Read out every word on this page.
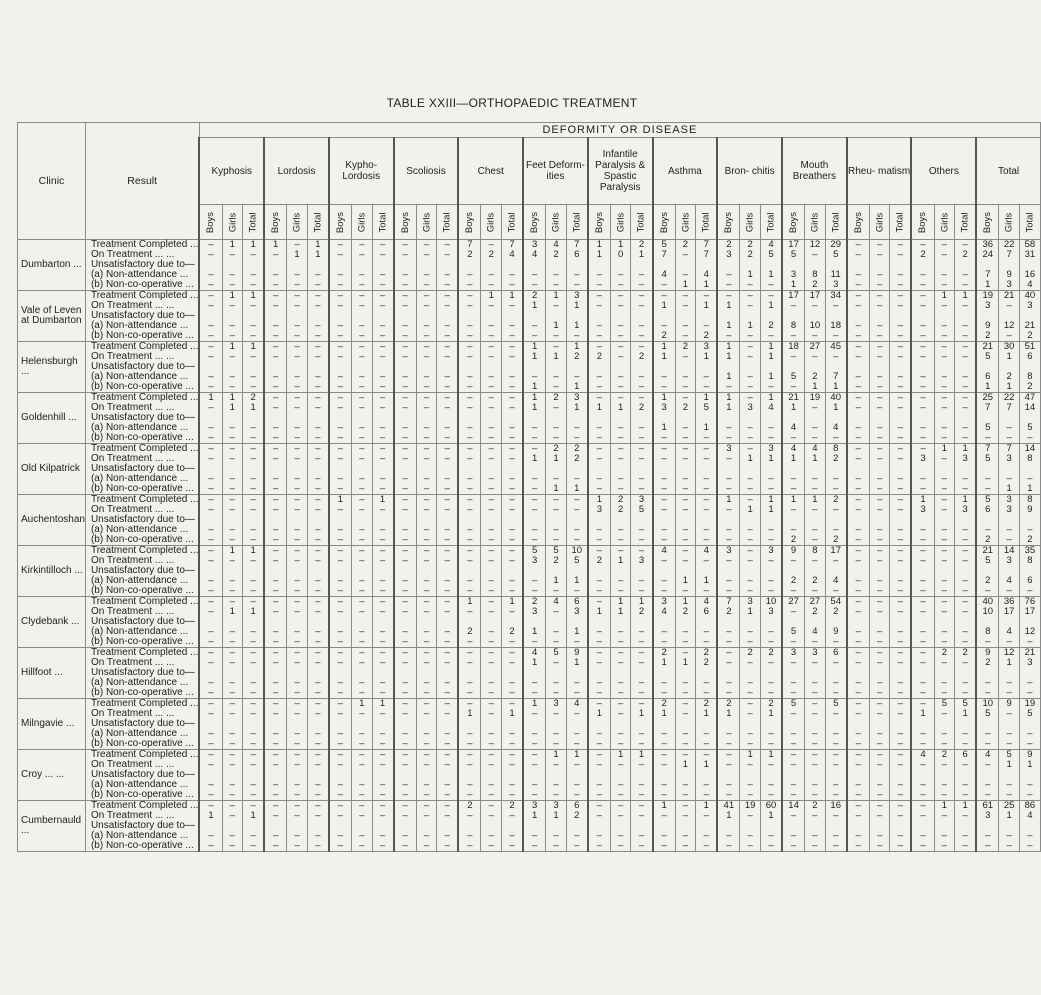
TABLE XXIII—ORTHOPAEDIC TREATMENT
Clinic	Result	DEFORMITY OR DISEASE																																						
		Kyphosis			Lordosis			Kypho- Lordosis			Scoliosis			Chest			Feet Deform- ities			Infantile Paralysis & Spastic Paralysis			Asthma			Bron- chitis			Mouth Breathers			Rheu- matism			Others			Total		
		Boys	Girls	Total	Boys	Girls	Total	Boys	Girls	Total	Boys	Girls	Total	Boys	Girls	Total	Boys	Girls	Total	Boys	Girls	Total	Boys	Girls	Total	Boys	Girls	Total	Boys	Girls	Total	Boys	Girls	Total	Boys	Girls	Total	Boys	Girls	Total
Dumbarton ...	Treatment Completed ...	–	1	1	1	–	1	–	–	–	–	–	–	7	–	7	3	4	7	1	1	2	5	2	7	2	2	4	17	12	29	–	–	–	–	–	–	36	22	58
	On Treatment ... ...	–	–	–	–	1	1	–	–	–	–	–	–	2	2	4	4	2	6	1	0	1	7	–	7	3	2	5	5	–	5	–	–	–	2	–	2	24	7	31
	Unsatisfactory due to—																																							
	(a) Non-attendance ...	–	–	–	–	–	–	–	–	–	–	–	–	–	–	–	–	–	–	–	–	–	4	–	4	–	1	1	3	8	11	–	–	–	–	–	–	7	9	16
	(b) Non-co-operative ...	–	–	–	–	–	–	–	–	–	–	–	–	–	–	–	–	–	–	–	–	–	–	1	1	–	–	–	1	2	3	–	–	–	–	–	–	1	3	4
Vale of Leven at Dumbarton	Treatment Completed ...	–	1	1	–	–	–	–	–	–	–	–	–	–	1	1	2	1	3	–	–	–	–	–	–	–	–	–	17	17	34	–	–	–	–	1	1	19	21	40
	On Treatment ... ...	–	–	–	–	–	–	–	–	–	–	–	–	–	–	–	1	–	1	–	–	–	1	–	1	1	–	1	–	–	–	–	–	–	–	–	–	3	–	3
	Unsatisfactory due to—																																							
	(a) Non-attendance ...	–	–	–	–	–	–	–	–	–	–	–	–	–	–	–	–	1	1	–	–	–	–	–	–	1	1	2	8	10	18	–	–	–	–	–	–	9	12	21
	(b) Non-co-operative ...	–	–	–	–	–	–	–	–	–	–	–	–	–	–	–	–	–	–	–	–	–	2	–	2	–	–	–	–	–	–	–	–	–	–	–	–	2	–	2
Helensburgh ...	Treatment Completed ...	–	1	1	–	–	–	–	–	–	–	–	–	–	–	–	1	–	1	–	–	–	1	2	3	1	–	1	18	27	45	–	–	–	–	–	–	21	30	51
	On Treatment ... ...	–	–	–	–	–	–	–	–	–	–	–	–	–	–	–	1	1	2	2	–	2	1	–	1	1	–	1	–	–	–	–	–	–	–	–	–	5	1	6
	Unsatisfactory due to—																																							
	(a) Non-attendance ...	–	–	–	–	–	–	–	–	–	–	–	–	–	–	–	–	–	–	–	–	–	–	–	–	1	–	1	5	2	7	–	–	–	–	–	–	6	2	8
	(b) Non-co-operative ...	–	–	–	–	–	–	–	–	–	–	–	–	–	–	–	1	–	1	–	–	–	–	–	–	–	–	–	–	1	1	–	–	–	–	–	–	1	1	2
Goldenhill ...	Treatment Completed ...	1	1	2	–	–	–	–	–	–	–	–	–	–	–	–	1	2	3	–	–	–	1	–	1	1	–	1	21	19	40	–	–	–	–	–	–	25	22	47
	On Treatment ... ...	–	1	1	–	–	–	–	–	–	–	–	–	–	–	–	1	–	1	1	1	2	3	2	5	1	3	4	1	–	1	–	–	–	–	–	–	7	7	14
	Unsatisfactory due to—																																							
	(a) Non-attendance ...	–	–	–	–	–	–	–	–	–	–	–	–	–	–	–	–	–	–	–	–	–	1	–	1	–	–	–	4	–	4	–	–	–	–	–	–	5	–	5
	(b) Non-co-operative ...	–	–	–	–	–	–	–	–	–	–	–	–	–	–	–	–	–	–	–	–	–	–	–	–	–	–	–	–	–	–	–	–	–	–	–	–	–	–	–
Old Kilpatrick	Treatment Completed ...	–	–	–	–	–	–	–	–	–	–	–	–	–	–	–	–	2	2	–	–	–	–	–	–	3	–	3	4	4	8	–	–	–	–	1	1	7	7	14
	On Treatment ... ...	–	–	–	–	–	–	–	–	–	–	–	–	–	–	–	1	1	2	–	–	–	–	–	–	–	1	1	1	1	2	–	–	–	3	–	3	5	3	8
	Unsatisfactory due to—																																							
	(a) Non-attendance ...	–	–	–	–	–	–	–	–	–	–	–	–	–	–	–	–	–	–	–	–	–	–	–	–	–	–	–	–	–	–	–	–	–	–	–	–	–	–	–
	(b) Non-co-operative ...	–	–	–	–	–	–	–	–	–	–	–	–	–	–	–	–	1	1	–	–	–	–	–	–	–	–	–	–	–	–	–	–	–	–	–	–	–	1	1
Auchentoshan	Treatment Completed ...	–	–	–	–	–	–	1	–	1	–	–	–	–	–	–	–	–	–	1	2	3	–	–	–	1	–	1	1	1	2	–	–	–	1	–	1	5	3	8
	On Treatment ... ...	–	–	–	–	–	–	–	–	–	–	–	–	–	–	–	–	–	–	3	2	5	–	–	–	–	1	1	–	–	–	–	–	–	3	–	3	6	3	9
	Unsatisfactory due to—																																							
	(a) Non-attendance ...	–	–	–	–	–	–	–	–	–	–	–	–	–	–	–	–	–	–	–	–	–	–	–	–	–	–	–	–	–	–	–	–	–	–	–	–	–	–	–
	(b) Non-co-operative ...	–	–	–	–	–	–	–	–	–	–	–	–	–	–	–	–	–	–	–	–	–	–	–	–	–	–	–	2	–	2	–	–	–	–	–	–	2	–	2
Kirkintilloch ...	Treatment Completed ...	–	1	1	–	–	–	–	–	–	–	–	–	–	–	–	5	5	10	–	–	–	4	–	4	3	–	3	9	8	17	–	–	–	–	–	–	21	14	35
	On Treatment ... ...	–	–	–	–	–	–	–	–	–	–	–	–	–	–	–	3	2	5	2	1	3	–	–	–	–	–	–	–	–	–	–	–	–	–	–	–	5	3	8
	Unsatisfactory due to—																																							
	(a) Non-attendance ...	–	–	–	–	–	–	–	–	–	–	–	–	–	–	–	–	1	1	–	–	–	–	1	1	–	–	–	2	2	4	–	–	–	–	–	–	2	4	6
	(b) Non-co-operative ...	–	–	–	–	–	–	–	–	–	–	–	–	–	–	–	–	–	–	–	–	–	–	–	–	–	–	–	–	–	–	–	–	–	–	–	–	–	–	–
Clydebank ...	Treatment Completed ...	–	–	–	–	–	–	–	–	–	–	–	–	1	–	1	2	4	6	–	1	1	3	1	4	7	3	10	27	27	54	–	–	–	–	–	–	40	36	76
	On Treatment ... ...	–	1	1	–	–	–	–	–	–	–	–	–	–	–	–	3	–	3	1	1	2	4	2	6	2	1	3	–	2	2	–	–	–	–	–	–	10	17	17
	Unsatisfactory due to—																																							
	(a) Non-attendance ...	–	–	–	–	–	–	–	–	–	–	–	–	2	–	2	1	–	1	–	–	–	–	–	–	–	–	–	5	4	9	–	–	–	–	–	–	8	4	12
	(b) Non-co-operative ...	–	–	–	–	–	–	–	–	–	–	–	–	–	–	–	–	–	–	–	–	–	–	–	–	–	–	–	–	–	–	–	–	–	–	–	–	–	–	–
Hillfoot ...	Treatment Completed ...	–	–	–	–	–	–	–	–	–	–	–	–	–	–	–	4	5	9	–	–	–	2	–	2	–	2	2	3	3	6	–	–	–	–	2	2	9	12	21
	On Treatment ... ...	–	–	–	–	–	–	–	–	–	–	–	–	–	–	–	1	–	1	–	–	–	1	1	2	–	–	–	–	–	–	–	–	–	–	–	–	2	1	3
	Unsatisfactory due to—																																							
	(a) Non-attendance ...	–	–	–	–	–	–	–	–	–	–	–	–	–	–	–	–	–	–	–	–	–	–	–	–	–	–	–	–	–	–	–	–	–	–	–	–	–	–	–
	(b) Non-co-operative ...	–	–	–	–	–	–	–	–	–	–	–	–	–	–	–	–	–	–	–	–	–	–	–	–	–	–	–	–	–	–	–	–	–	–	–	–	–	–	–
Milngavie ...	Treatment Completed ...	–	–	–	–	–	–	–	1	1	–	–	–	–	–	–	1	3	4	–	–	–	2	–	2	2	–	2	5	–	5	–	–	–	–	5	5	10	9	19
	On Treatment ... ...	–	–	–	–	–	–	–	–	–	–	–	–	1	–	1	–	–	–	1	–	1	1	–	1	1	–	1	–	–	–	–	–	–	1	–	1	5	–	5
	Unsatisfactory due to—																																							
	(a) Non-attendance ...	–	–	–	–	–	–	–	–	–	–	–	–	–	–	–	–	–	–	–	–	–	–	–	–	–	–	–	–	–	–	–	–	–	–	–	–	–	–	–
	(b) Non-co-operative ...	–	–	–	–	–	–	–	–	–	–	–	–	–	–	–	–	–	–	–	–	–	–	–	–	–	–	–	–	–	–	–	–	–	–	–	–	–	–	–
Croy ... ...	Treatment Completed ...	–	–	–	–	–	–	–	–	–	–	–	–	–	–	–	–	1	1	–	1	1	–	–	–	–	1	1	–	–	–	–	–	–	4	2	6	4	5	9
	On Treatment ... ...	–	–	–	–	–	–	–	–	–	–	–	–	–	–	–	–	–	–	–	–	–	–	1	1	–	–	–	–	–	–	–	–	–	–	–	–	–	1	1
	Unsatisfactory due to—																																							
	(a) Non-attendance ...	–	–	–	–	–	–	–	–	–	–	–	–	–	–	–	–	–	–	–	–	–	–	–	–	–	–	–	–	–	–	–	–	–	–	–	–	–	–	–
	(b) Non-co-operative ...	–	–	–	–	–	–	–	–	–	–	–	–	–	–	–	–	–	–	–	–	–	–	–	–	–	–	–	–	–	–	–	–	–	–	–	–	–	–	–
Cumbernauld ...	Treatment Completed ...	–	–	–	–	–	–	–	–	–	–	–	–	2	–	2	3	3	6	–	–	–	1	–	1	41	19	60	14	2	16	–	–	–	–	1	1	61	25	86
	On Treatment ... ...	1	–	1	–	–	–	–	–	–	–	–	–	–	–	–	1	1	2	–	–	–	–	–	–	1	–	1	–	–	–	–	–	–	–	–	–	3	1	4
	Unsatisfactory due to—																																							
	(a) Non-attendance ...	–	–	–	–	–	–	–	–	–	–	–	–	–	–	–	–	–	–	–	–	–	–	–	–	–	–	–	–	–	–	–	–	–	–	–	–	–	–	–
	(b) Non-co-operative ...	–	–	–	–	–	–	–	–	–	–	–	–	–	–	–	–	–	–	–	–	–	–	–	–	–	–	–	–	–	–	–	–	–	–	–	–	–	–	–
